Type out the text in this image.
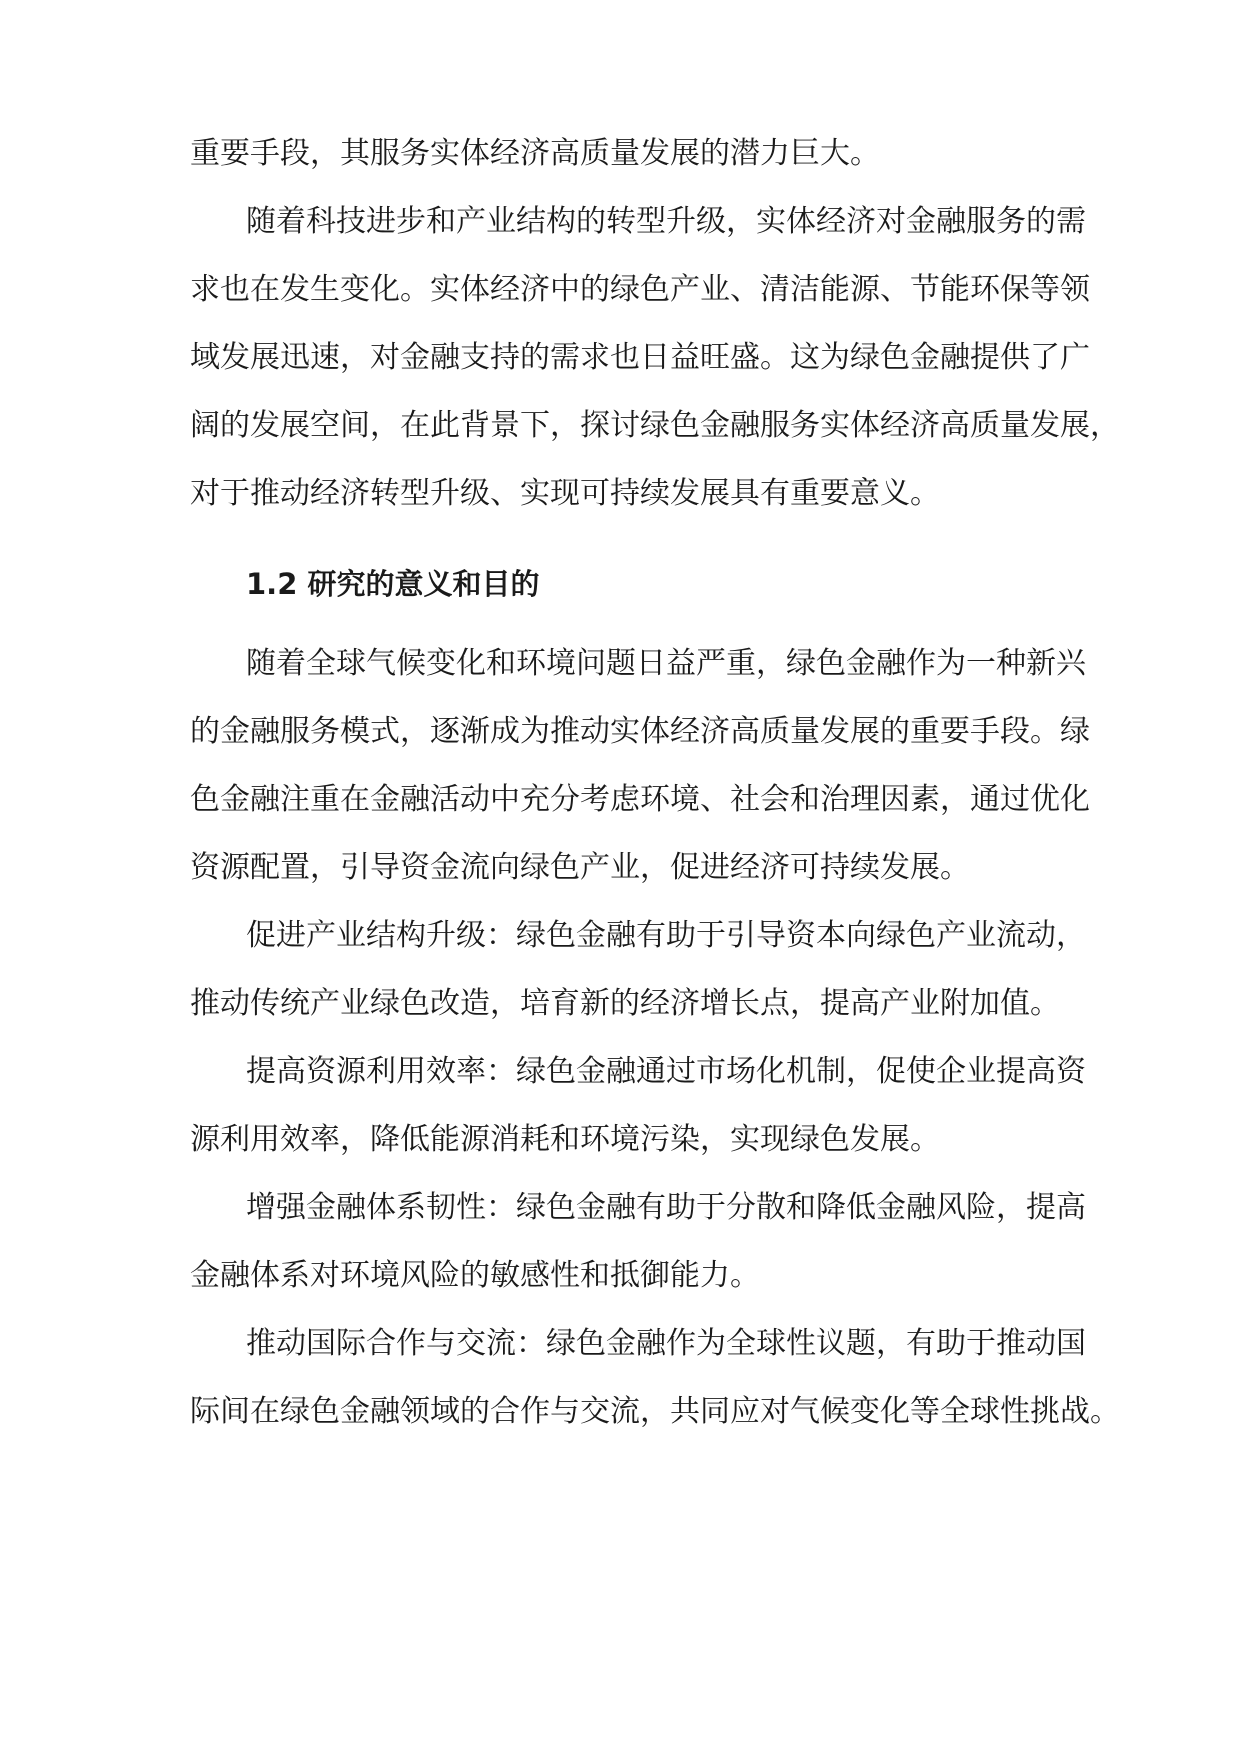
重要手段，其服务实体经济高质量发展的潜力巨大。

随着科技进步和产业结构的转型升级，实体经济对金融服务的需

求也在发生变化。实体经济中的绿色产业、清洁能源、节能环保等领

域发展迅速，对金融支持的需求也日益旺盛。这为绿色金融提供了广

阔的发展空间，在此背景下，探讨绿色金融服务实体经济高质量发展，

对于推动经济转型升级、实现可持续发展具有重要意义。

1.2 研究的意义和目的

随着全球气候变化和环境问题日益严重，绿色金融作为一种新兴

的金融服务模式，逐渐成为推动实体经济高质量发展的重要手段。绿

色金融注重在金融活动中充分考虑环境、社会和治理因素，通过优化

资源配置，引导资金流向绿色产业，促进经济可持续发展。

促进产业结构升级：绿色金融有助于引导资本向绿色产业流动，

推动传统产业绿色改造，培育新的经济增长点，提高产业附加值。

提高资源利用效率：绿色金融通过市场化机制，促使企业提高资

源利用效率，降低能源消耗和环境污染，实现绿色发展。

增强金融体系韧性：绿色金融有助于分散和降低金融风险，提高

金融体系对环境风险的敏感性和抵御能力。

推动国际合作与交流：绿色金融作为全球性议题，有助于推动国

际间在绿色金融领域的合作与交流，共同应对气候变化等全球性挑战。
